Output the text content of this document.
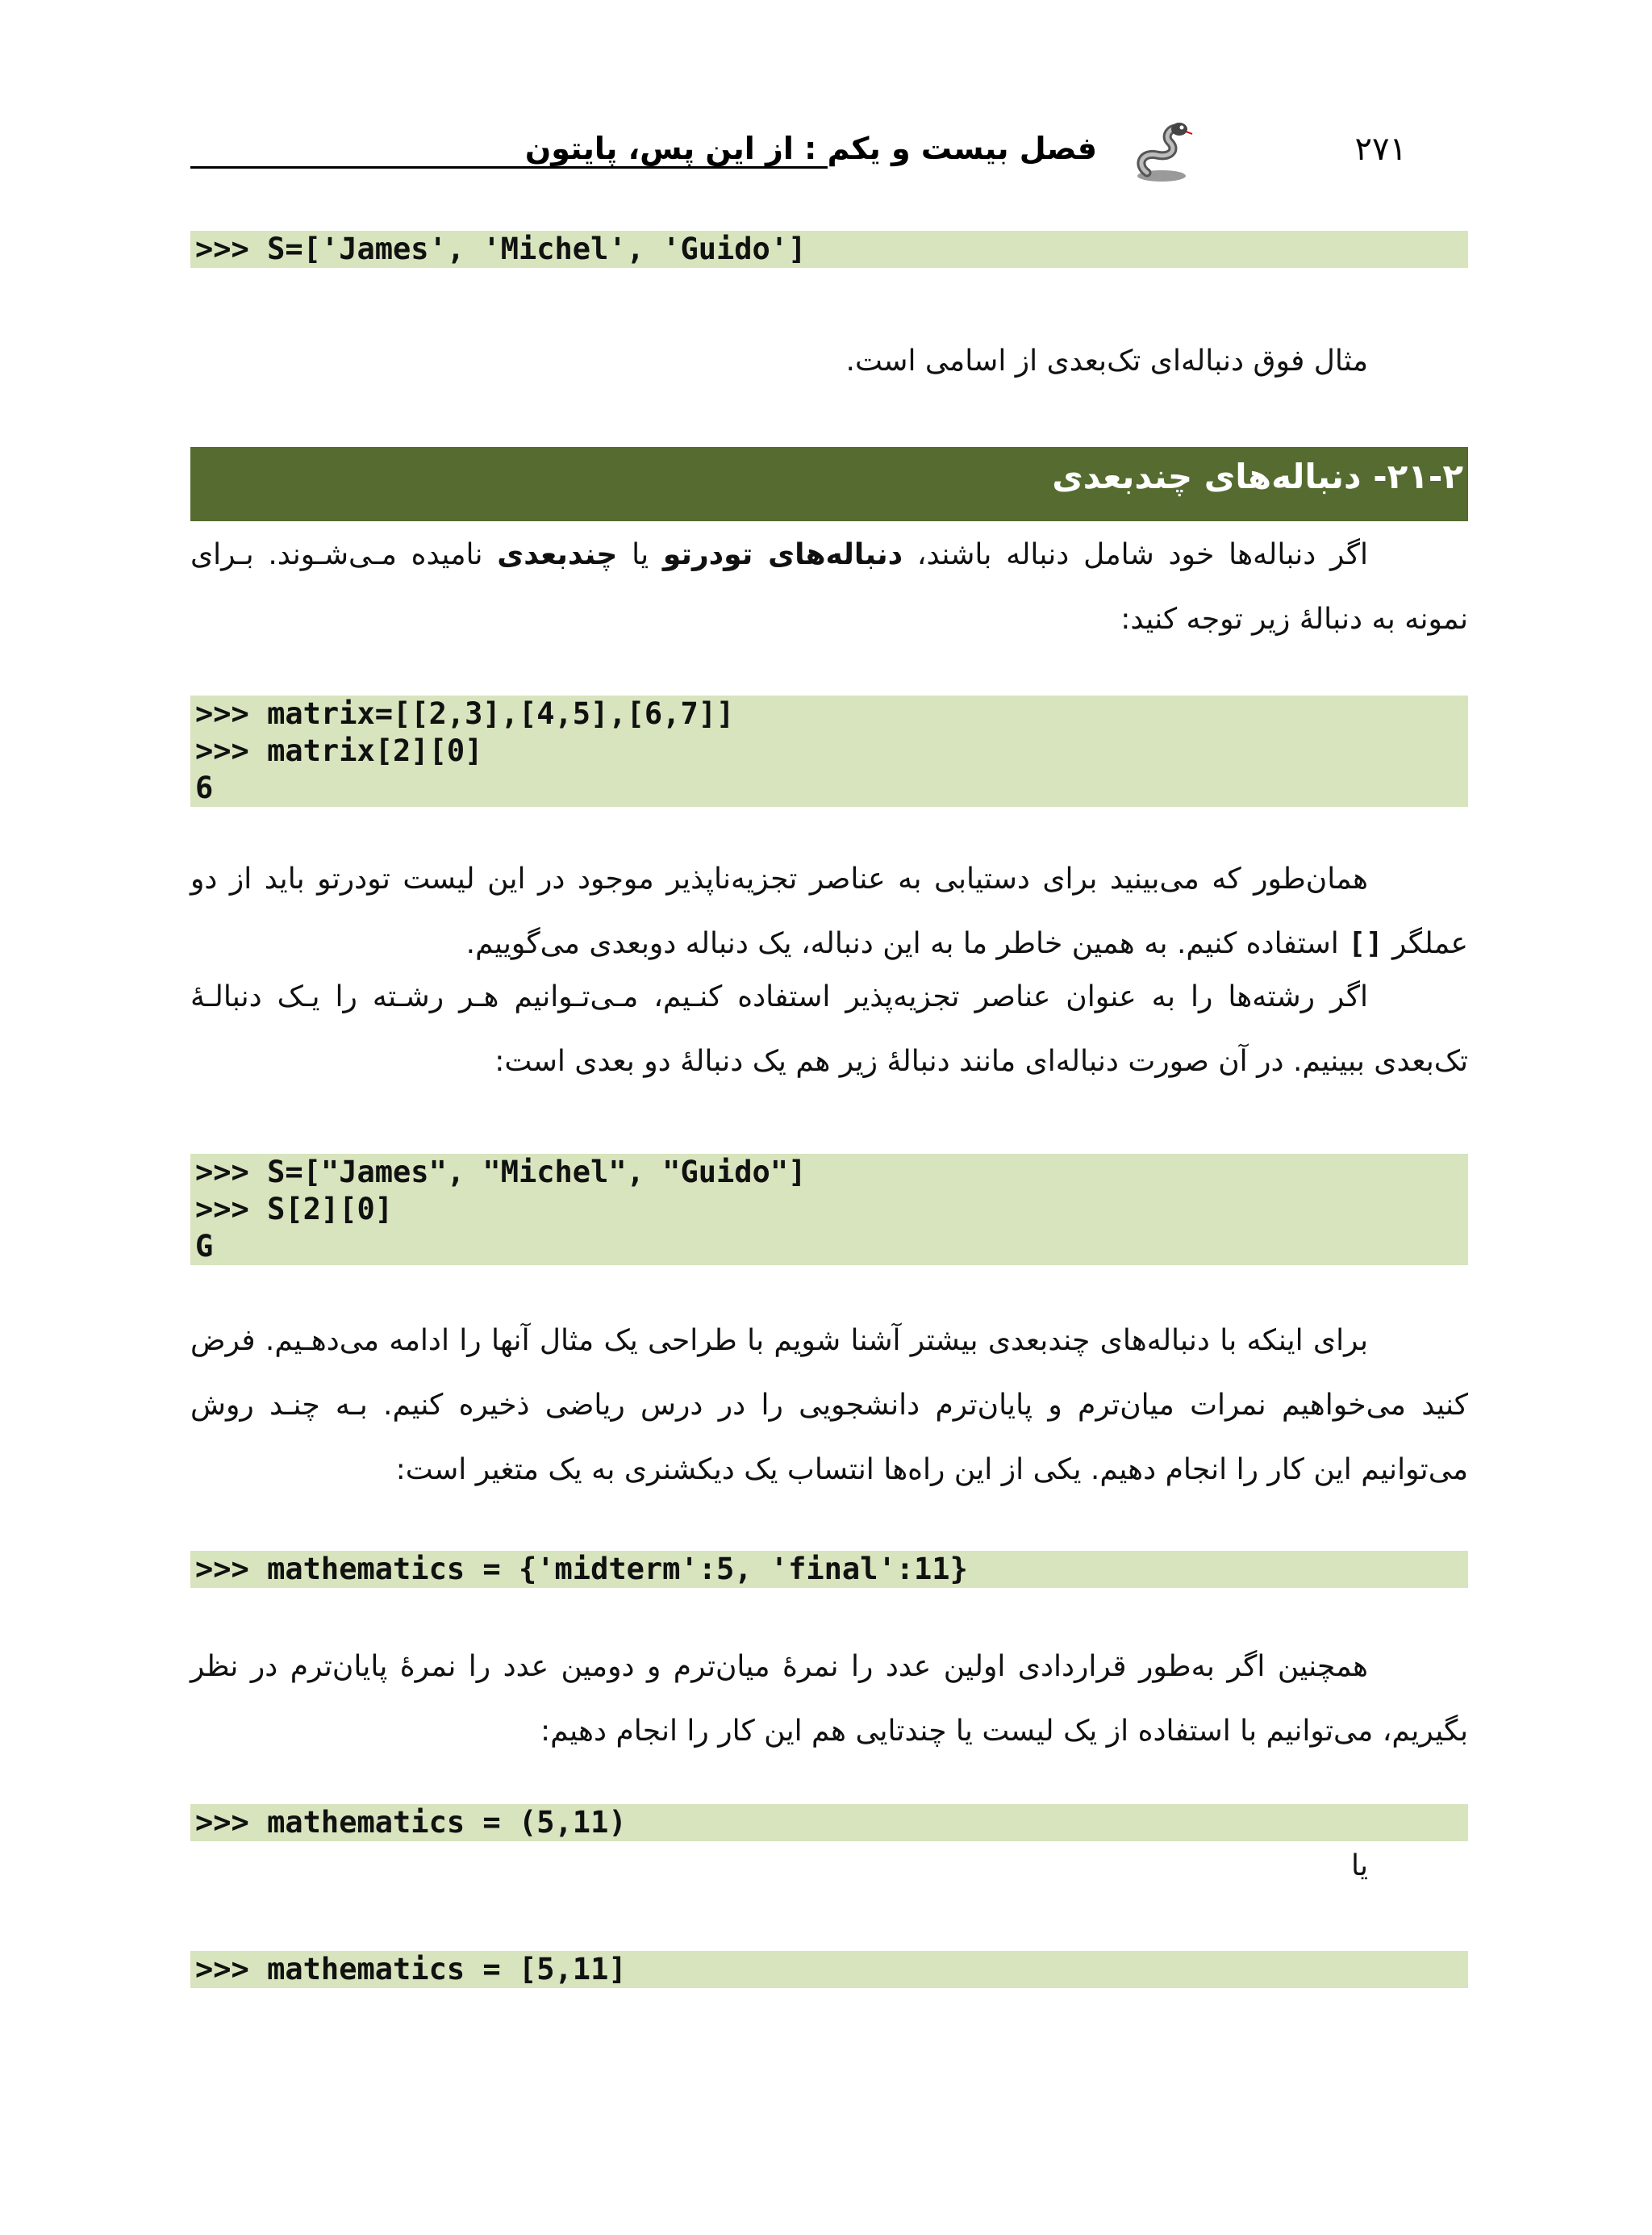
فصل بیست و یکم : از این پس، پایتون	۲۷۱
>>> S=['James', 'Michel', 'Guido']
مثال فوق دنباله‌ای تک‌بعدی از اسامی است.
۲۱-۲- دنباله‌های چندبعدی
اگر دنباله‌ها خود شامل دنباله باشند، دنباله‌های تودرتو یا چندبعدی نامیده مـی‌شـوند. بـرای نمونه به دنبالۀ زیر توجه کنید:
>>> matrix=[[2,3],[4,5],[6,7]]
>>> matrix[2][0]
6
همان‌طور که می‌بینید برای دستیابی به عناصر تجزیه‌ناپذیر موجود در این لیست تودرتو باید از دو عملگر [] استفاده کنیم. به همین خاطر ما به این دنباله، یک دنباله دوبعدی می‌گوییم.
اگر رشته‌ها را به عنوان عناصر تجزیه‌پذیر استفاده کنـیم، مـی‌تـوانیم هـر رشـته را یـک دنبالـۀ تک‌بعدی ببینیم. در آن صورت دنباله‌ای مانند دنبالۀ زیر هم یک دنبالۀ دو بعدی است:
>>> S=["James", "Michel", "Guido"]
>>> S[2][0]
G
برای اینکه با دنباله‌های چندبعدی بیشتر آشنا شویم با طراحی یک مثال آنها را ادامه می‌دهـیم. فرض کنید می‌خواهیم نمرات میان‌ترم و پایان‌ترم دانشجویی را در درس ریاضی ذخیره کنیم. بـه چنـد روش می‌توانیم این کار را انجام دهیم. یکی از این راه‌ها انتساب یک دیکشنری به یک متغیر است:
>>> mathematics = {'midterm':5, 'final':11}
همچنین اگر به‌طور قراردادی اولین عدد را نمرۀ میان‌ترم و دومین عدد را نمرۀ پایان‌ترم در نظر بگیریم، می‌توانیم با استفاده از یک لیست یا چندتایی هم این کار را انجام دهیم:
>>> mathematics = (5,11)
یا
>>> mathematics = [5,11]
